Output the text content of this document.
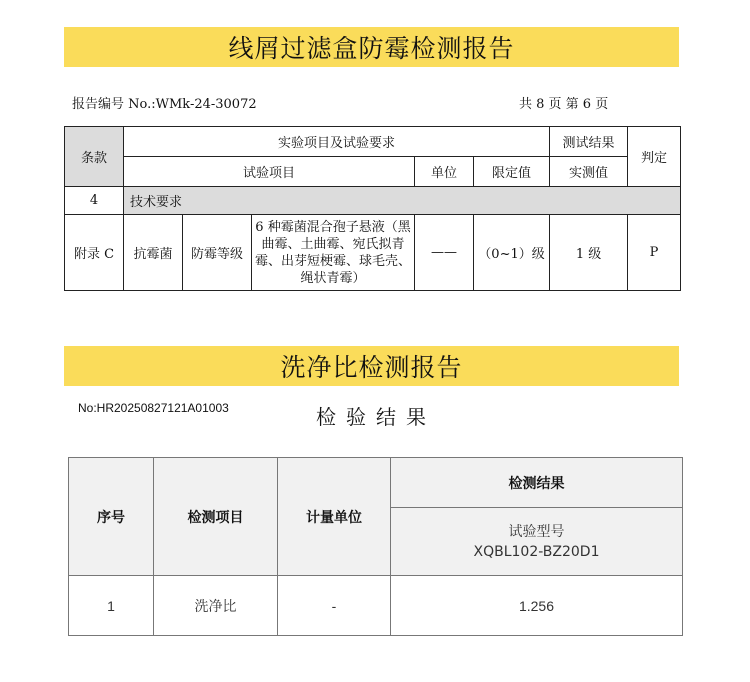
线屑过滤盒防霉检测报告
报告编号 No.:WMk-24-30072	共 8 页 第 6 页
条款	实验项目及试验要求					测试结果	判定
	试验项目			单位	限定值	实测值	
4	技术要求						
附录 C	抗霉菌	防霉等级	6 种霉菌混合孢子悬液（黑曲霉、土曲霉、宛氏拟青霉、出芽短梗霉、球毛壳、绳状青霉）	——	（0~1）级	1 级	P
洗净比检测报告
No:HR20250827121A01003	检验结果
序号	检测项目	计量单位	检测结果

			试验型号
XQBL102-BZ20D1

1	洗净比	-	1.256
